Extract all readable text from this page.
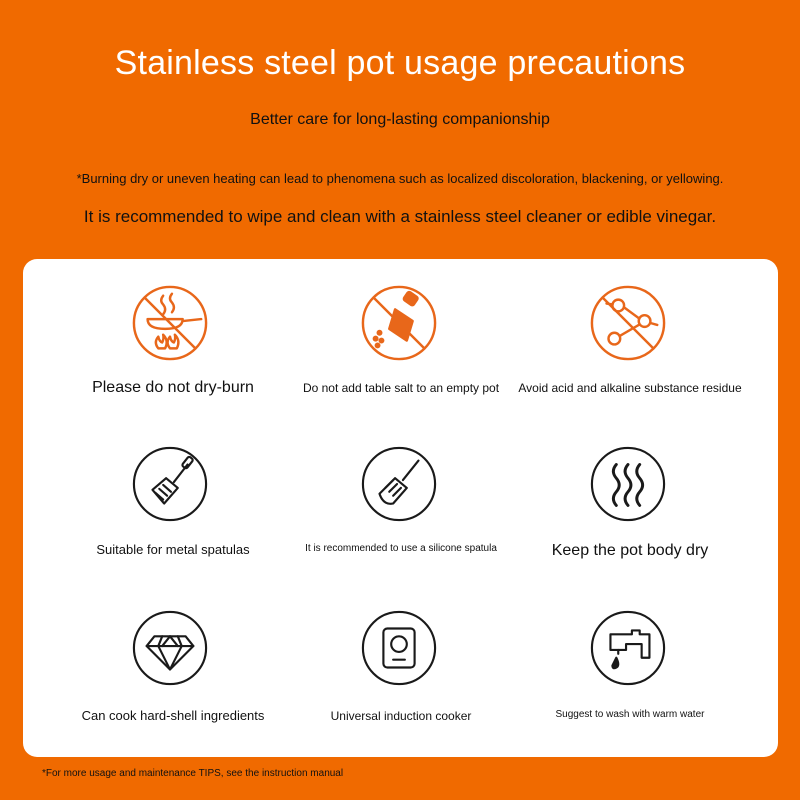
Stainless steel pot usage precautions
Better care for long-lasting companionship
*Burning dry or uneven heating can lead to phenomena such as localized discoloration, blackening, or yellowing.
It is recommended to wipe and clean with a stainless steel cleaner or edible vinegar.
Please do not dry-burn	Do not add table salt to an empty pot	Avoid acid and alkaline substance residue
Suitable for metal spatulas	It is recommended to use a silicone spatula	Keep the pot body dry
Can cook hard-shell ingredients	Universal induction cooker	Suggest to wash with warm water
*For more usage and maintenance TIPS, see the instruction manual
